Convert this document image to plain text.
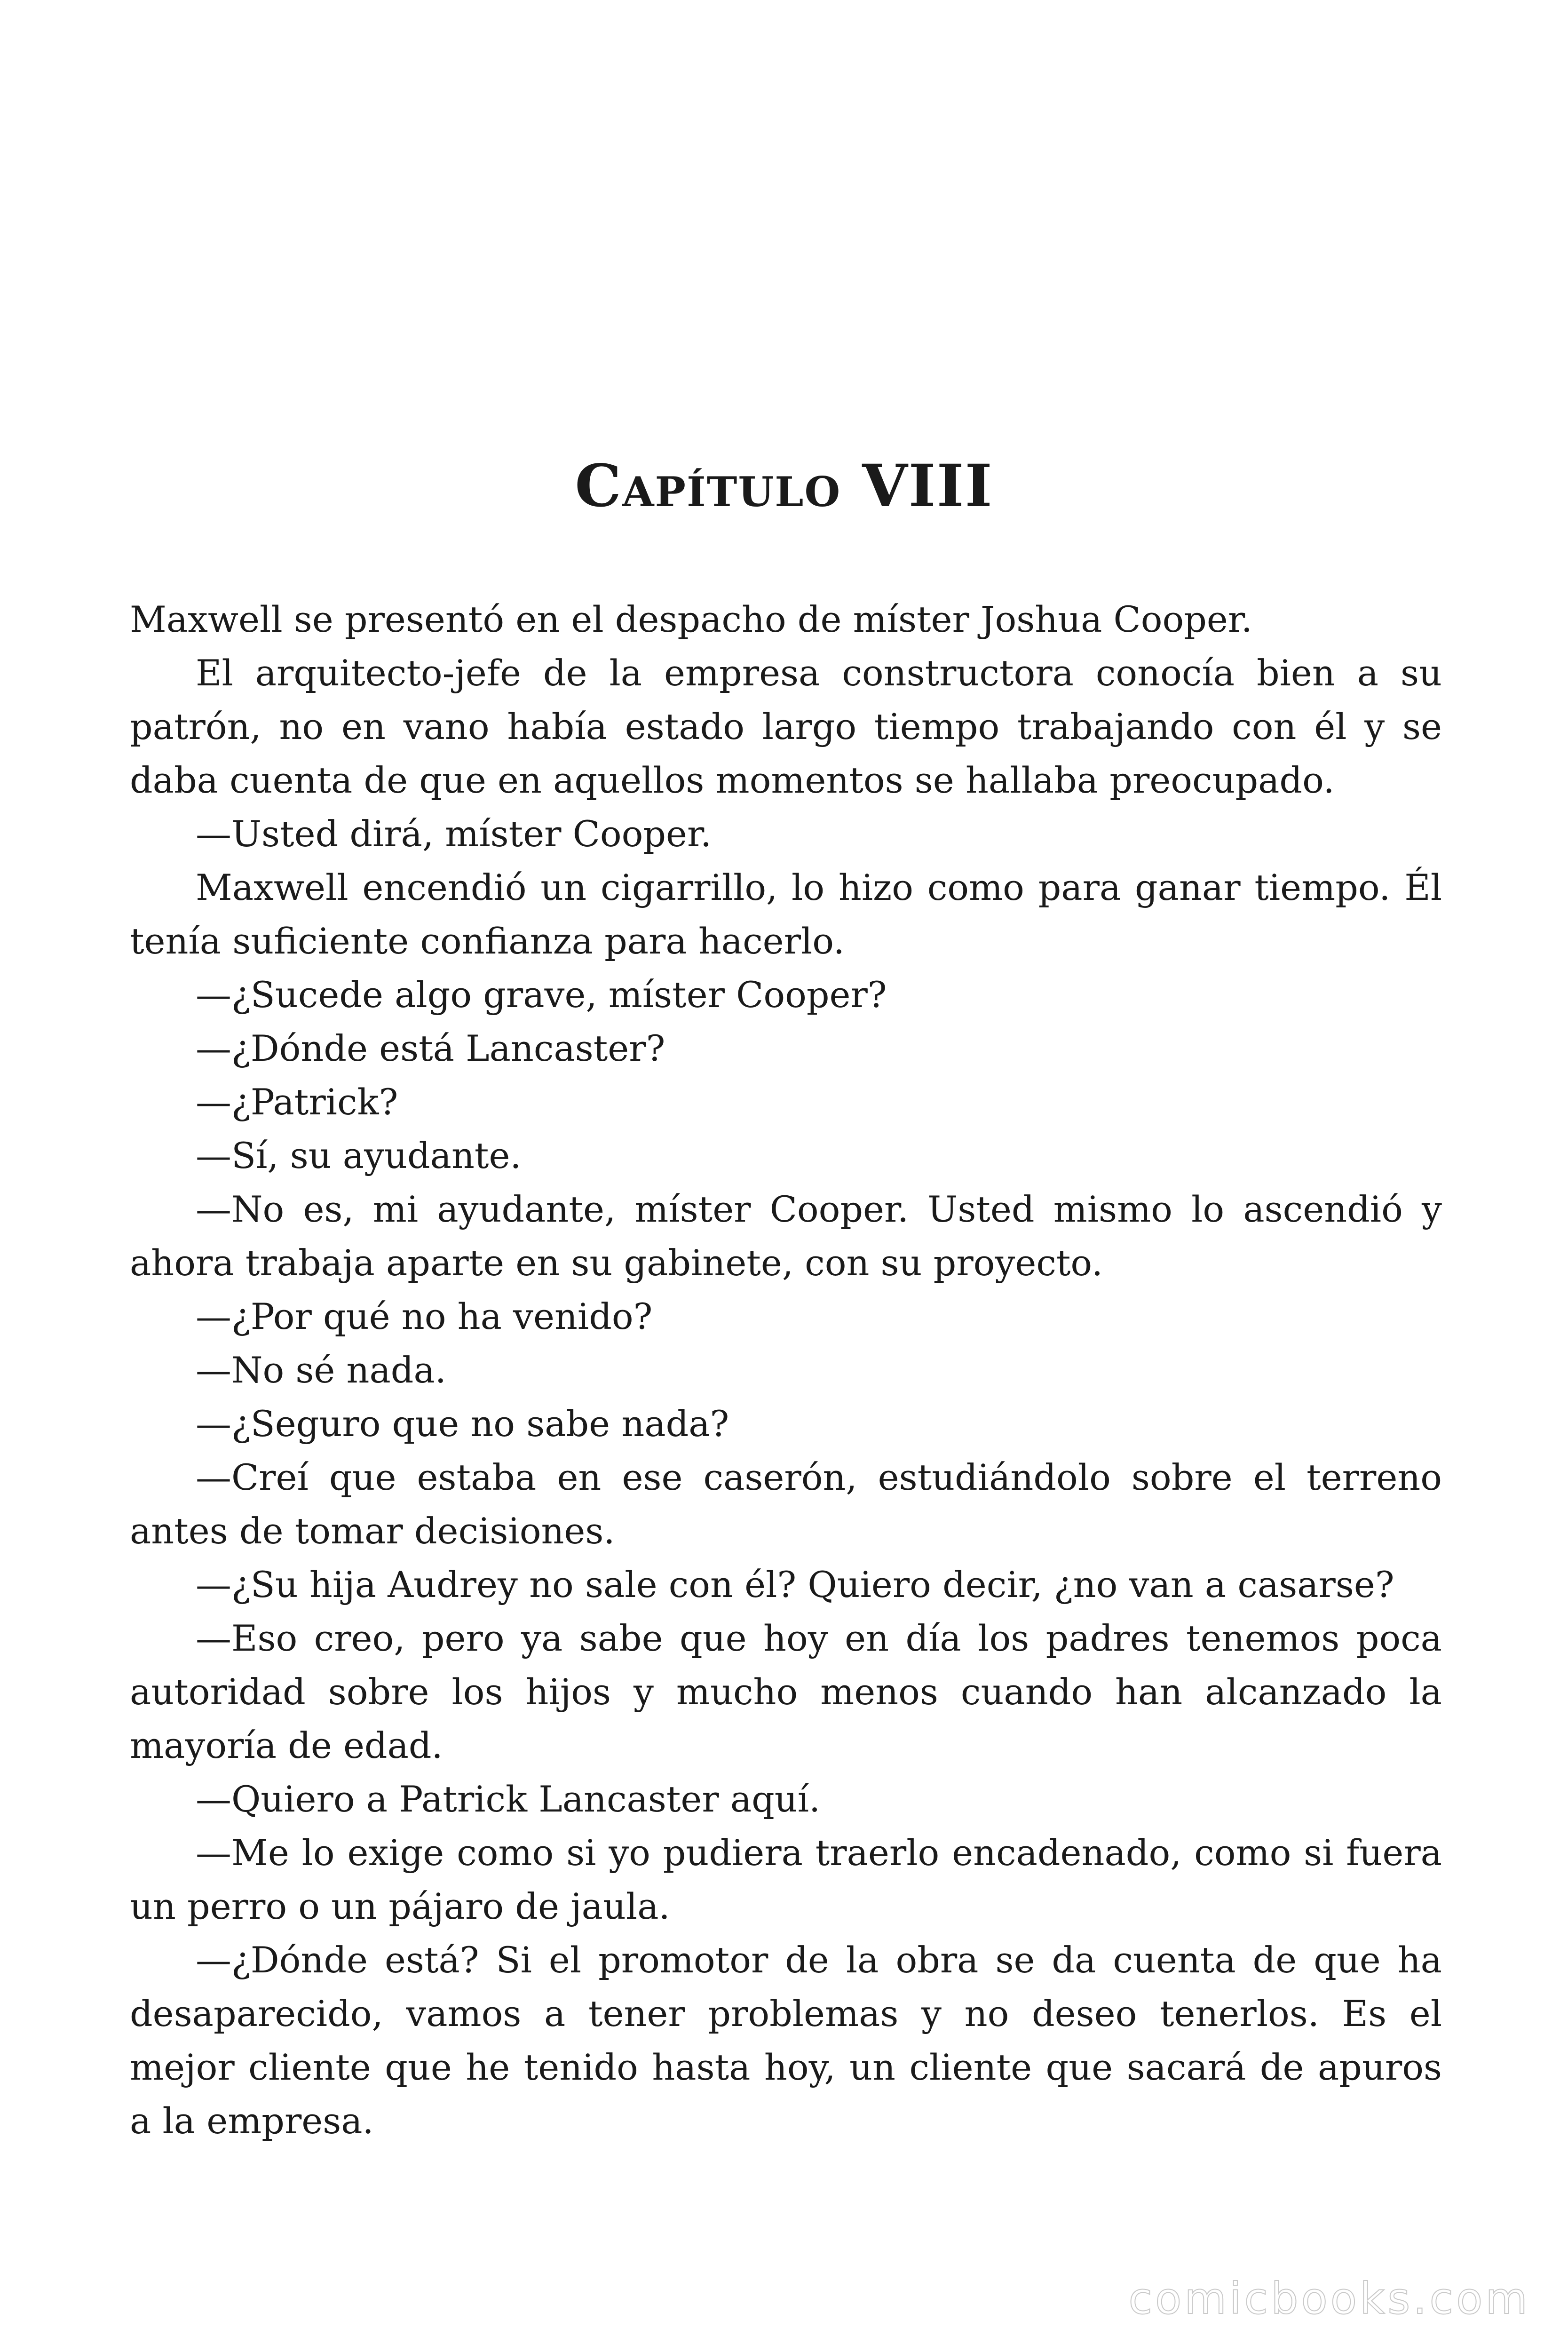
Capítulo VIII

Maxwell se presentó en el despacho de míster Joshua Cooper.

El arquitecto-jefe de la empresa constructora conocía bien a su patrón, no en vano había estado largo tiempo trabajando con él y se daba cuenta de que en aquellos momentos se hallaba preocupado.

—Usted dirá, míster Cooper.

Maxwell encendió un cigarrillo, lo hizo como para ganar tiempo. Él tenía suficiente confianza para hacerlo.

—¿Sucede algo grave, míster Cooper?

—¿Dónde está Lancaster?

—¿Patrick?

—Sí, su ayudante.

—No es, mi ayudante, míster Cooper. Usted mismo lo ascendió y ahora trabaja aparte en su gabinete, con su proyecto.

—¿Por qué no ha venido?

—No sé nada.

—¿Seguro que no sabe nada?

—Creí que estaba en ese caserón, estudiándolo sobre el terreno antes de tomar decisiones.

—¿Su hija Audrey no sale con él? Quiero decir, ¿no van a casarse?

—Eso creo, pero ya sabe que hoy en día los padres tenemos poca autoridad sobre los hijos y mucho menos cuando han alcanzado la mayoría de edad.

—Quiero a Patrick Lancaster aquí.

—Me lo exige como si yo pudiera traerlo encadenado, como si fuera un perro o un pájaro de jaula.

—¿Dónde está? Si el promotor de la obra se da cuenta de que ha desaparecido, vamos a tener problemas y no deseo tenerlos. Es el mejor cliente que he tenido hasta hoy, un cliente que sacará de apuros a la empresa.

comicbooks.com
